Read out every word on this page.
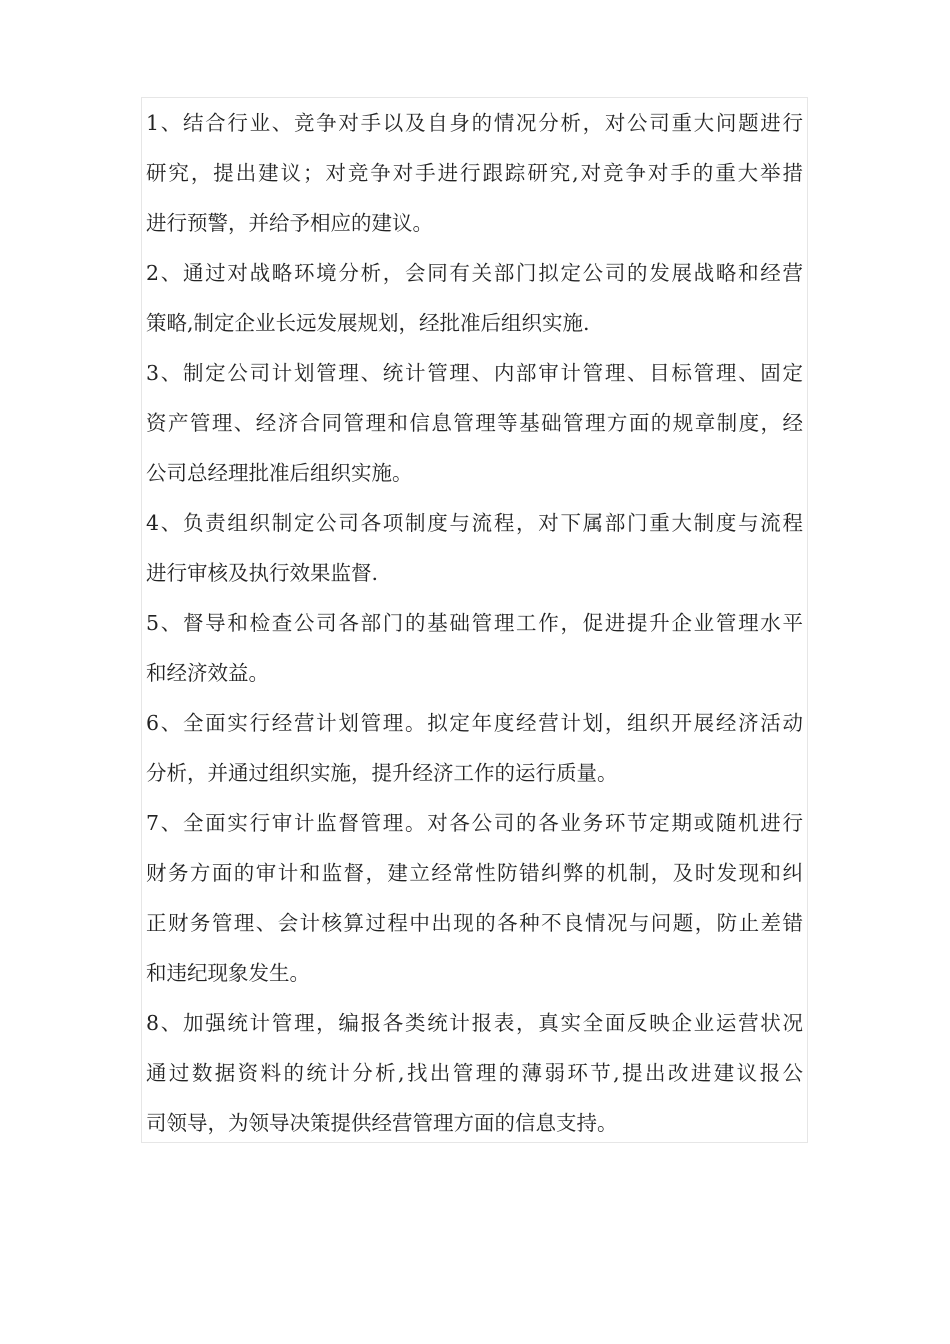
1、结合行业、竞争对手以及自身的情况分析，对公司重大问题进行
研究，提出建议；对竞争对手进行跟踪研究,对竞争对手的重大举措
进行预警，并给予相应的建议。
2、通过对战略环境分析，会同有关部门拟定公司的发展战略和经营
策略,制定企业长远发展规划，经批准后组织实施.
3、制定公司计划管理、统计管理、内部审计管理、目标管理、固定
资产管理、经济合同管理和信息管理等基础管理方面的规章制度，经
公司总经理批准后组织实施。
4、负责组织制定公司各项制度与流程，对下属部门重大制度与流程
进行审核及执行效果监督.
5、督导和检查公司各部门的基础管理工作，促进提升企业管理水平
和经济效益。
6、全面实行经营计划管理。拟定年度经营计划，组织开展经济活动
分析，并通过组织实施，提升经济工作的运行质量。
7、全面实行审计监督管理。对各公司的各业务环节定期或随机进行
财务方面的审计和监督，建立经常性防错纠弊的机制，及时发现和纠
正财务管理、会计核算过程中出现的各种不良情况与问题，防止差错
和违纪现象发生。
8、加强统计管理，编报各类统计报表，真实全面反映企业运营状况
通过数据资料的统计分析,找出管理的薄弱环节,提出改进建议报公
司领导，为领导决策提供经营管理方面的信息支持。
